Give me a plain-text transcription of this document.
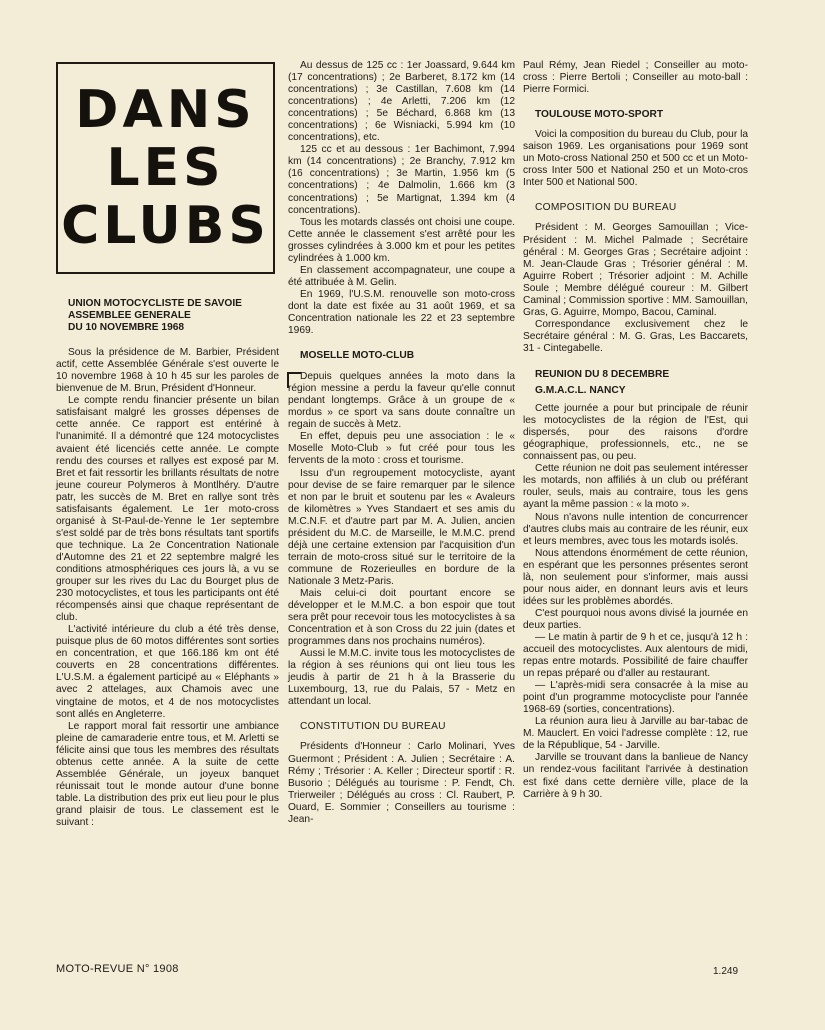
DANS
LES
CLUBS

UNION MOTOCYCLISTE DE SAVOIE

ASSEMBLEE GENERALE

DU 10 NOVEMBRE 1968

Sous la présidence de M. Barbier, Président actif, cette Assemblée Générale s'est ouverte le 10 novembre 1968 à 10 h 45 sur les paroles de bienvenue de M. Brun, Président d'Honneur.

Le compte rendu financier présente un bilan satisfaisant malgré les grosses dépenses de cette année. Ce rapport est entériné à l'unanimité. Il a démontré que 124 motocyclistes avaient été licenciés cette année. Le compte rendu des courses et rallyes est exposé par M. Bret et fait ressortir les brillants résultats de notre jeune coureur Polymeros à Montlhéry. D'autre patr, les succès de M. Bret en rallye sont très satisfaisants également. Le 1er moto-cross organisé à St-Paul-de-Yenne le 1er septembre s'est soldé par de très bons résultats tant sportifs que technique. La 2e Concentration Nationale d'Automne des 21 et 22 septembre malgré les conditions atmosphériques ces jours là, a vu se grouper sur les rives du Lac du Bourget plus de 230 motocyclistes, et tous les participants ont été récompensés ainsi que chaque représentant de club.

L'activité intérieure du club a été très dense, puisque plus de 60 motos différentes sont sorties en concentration, et que 166.186 km ont été couverts en 28 concentrations différentes. L'U.S.M. a également participé au « Eléphants » avec 2 attelages, aux Chamois avec une vingtaine de motos, et 4 de nos motocyclistes sont allés en Angleterre.

Le rapport moral fait ressortir une ambiance pleine de camaraderie entre tous, et M. Arletti se félicite ainsi que tous les membres des résultats obtenus cette année. A la suite de cette Assemblée Générale, un joyeux banquet réunissait tout le monde autour d'une bonne table. La distribution des prix eut lieu pour le plus grand plaisir de tous. Le classement est le suivant :

Au dessus de 125 cc : 1er Joassard, 9.644 km (17 concentrations) ; 2e Barberet, 8.172 km (14 concentrations) ; 3e Castillan, 7.608 km (14 concentrations) ; 4e Arletti, 7.206 km (12 concentrations) ; 5e Béchard, 6.868 km (13 concentrations) ; 6e Wisniacki, 5.994 km (10 concentrations), etc.

125 cc et au dessous : 1er Bachimont, 7.994 km (14 concentrations) ; 2e Branchy, 7.912 km (16 concentrations) ; 3e Martin, 1.956 km (5 concentrations) ; 4e Dalmolin, 1.666 km (3 concentrations) ; 5e Martignat, 1.394 km (4 concentrations).

Tous les motards classés ont choisi une coupe. Cette année le classement s'est arrêté pour les grosses cylindrées à 3.000 km et pour les petites cylindrées à 1.000 km.

En classement accompagnateur, une coupe a été attribuée à M. Gelin.

En 1969, l'U.S.M. renouvelle son moto-cross dont la date est fixée au 31 août 1969, et sa Concentration nationale les 22 et 23 septembre 1969.

MOSELLE MOTO-CLUB

Depuis quelques années la moto dans la région messine a perdu la faveur qu'elle connut pendant longtemps. Grâce à un groupe de « mordus » ce sport va sans doute connaître un regain de succès à Metz.

En effet, depuis peu une association : le « Moselle Moto-Club » fut créé pour tous les fervents de la moto : cross et tourisme.

Issu d'un regroupement motocycliste, ayant pour devise de se faire remarquer par le silence et non par le bruit et soutenu par les « Avaleurs de kilomètres » Yves Standaert et ses amis du M.C.N.F. et d'autre part par M. A. Julien, ancien président du M.C. de Marseille, le M.M.C. prend déjà une certaine extension par l'acquisition d'un terrain de moto-cross situé sur le territoire de la commune de Rozerieulles en bordure de la Nationale 3 Metz-Paris.

Mais celui-ci doit pourtant encore se développer et le M.M.C. a bon espoir que tout sera prêt pour recevoir tous les motocyclistes à sa Concentration et à son Cross du 22 juin (dates et programmes dans nos prochains numéros).

Aussi le M.M.C. invite tous les motocyclistes de la région à ses réunions qui ont lieu tous les jeudis à partir de 21 h à la Brasserie du Luxembourg, 13, rue du Palais, 57 - Metz en attendant un local.

CONSTITUTION DU BUREAU

Présidents d'Honneur : Carlo Molinari, Yves Guermont ; Président : A. Julien ; Secrétaire : A. Rémy ; Trésorier : A. Keller ; Directeur sportif : R. Busorio ; Délégués au tourisme : P. Fendt, Ch. Trierweiler ; Délégués au cross : Cl. Raubert, P. Ouard, E. Sommier ; Conseillers au tourisme : Jean-

Paul Rémy, Jean Riedel ; Conseiller au moto-cross : Pierre Bertoli ; Conseiller au moto-ball : Pierre Formici.

TOULOUSE MOTO-SPORT

Voici la composition du bureau du Club, pour la saison 1969. Les organisations pour 1969 sont un Moto-cross National 250 et 500 cc et un Moto-cross Inter 500 et National 250 et un Moto-cros Inter 500 et National 500.

COMPOSITION DU BUREAU

Président : M. Georges Samouillan ; Vice-Président : M. Michel Palmade ; Secrétaire général : M. Georges Gras ; Secrétaire adjoint : M. Jean-Claude Gras ; Trésorier général : M. Aguirre Robert ; Trésorier adjoint : M. Achille Soule ; Membre délégué coureur : M. Gilbert Caminal ; Commission sportive : MM. Samouillan, Gras, G. Aguirre, Mompo, Bacou, Caminal.

Correspondance exclusivement chez le Secrétaire général : M. G. Gras, Les Baccarets, 31 - Cintegabelle.

REUNION DU 8 DECEMBRE

G.M.A.C.L. NANCY

Cette journée a pour but principale de réunir les motocyclistes de la région de l'Est, qui dispersés, pour des raisons d'ordre géographique, professionnels, etc., ne se connaissent pas, ou peu.

Cette réunion ne doit pas seulement intéresser les motards, non affiliés à un club ou préférant rouler, seuls, mais au contraire, tous les gens ayant la même passion : « la moto ».

Nous n'avons nulle intention de concurrencer d'autres clubs mais au contraire de les réunir, eux et leurs membres, avec tous les motards isolés.

Nous attendons énormément de cette réunion, en espérant que les personnes présentes seront là, non seulement pour s'informer, mais aussi pour nous aider, en donnant leurs avis et leurs idées sur les problèmes abordés.

C'est pourquoi nous avons divisé la journée en deux parties.

— Le matin à partir de 9 h et ce, jusqu'à 12 h : accueil des motocyclistes. Aux alentours de midi, repas entre motards. Possibilité de faire chauffer un repas préparé ou d'aller au restaurant.

— L'après-midi sera consacrée à la mise au point d'un programme motocycliste pour l'année 1968-69 (sorties, concentrations).

La réunion aura lieu à Jarville au bar-tabac de M. Mauclert. En voici l'adresse complète : 12, rue de la République, 54 - Jarville.

Jarville se trouvant dans la banlieue de Nancy un rendez-vous facilitant l'arrivée à destination est fixé dans cette dernière ville, place de la Carrière à 9 h 30.

MOTO-REVUE N° 1908	1.249
